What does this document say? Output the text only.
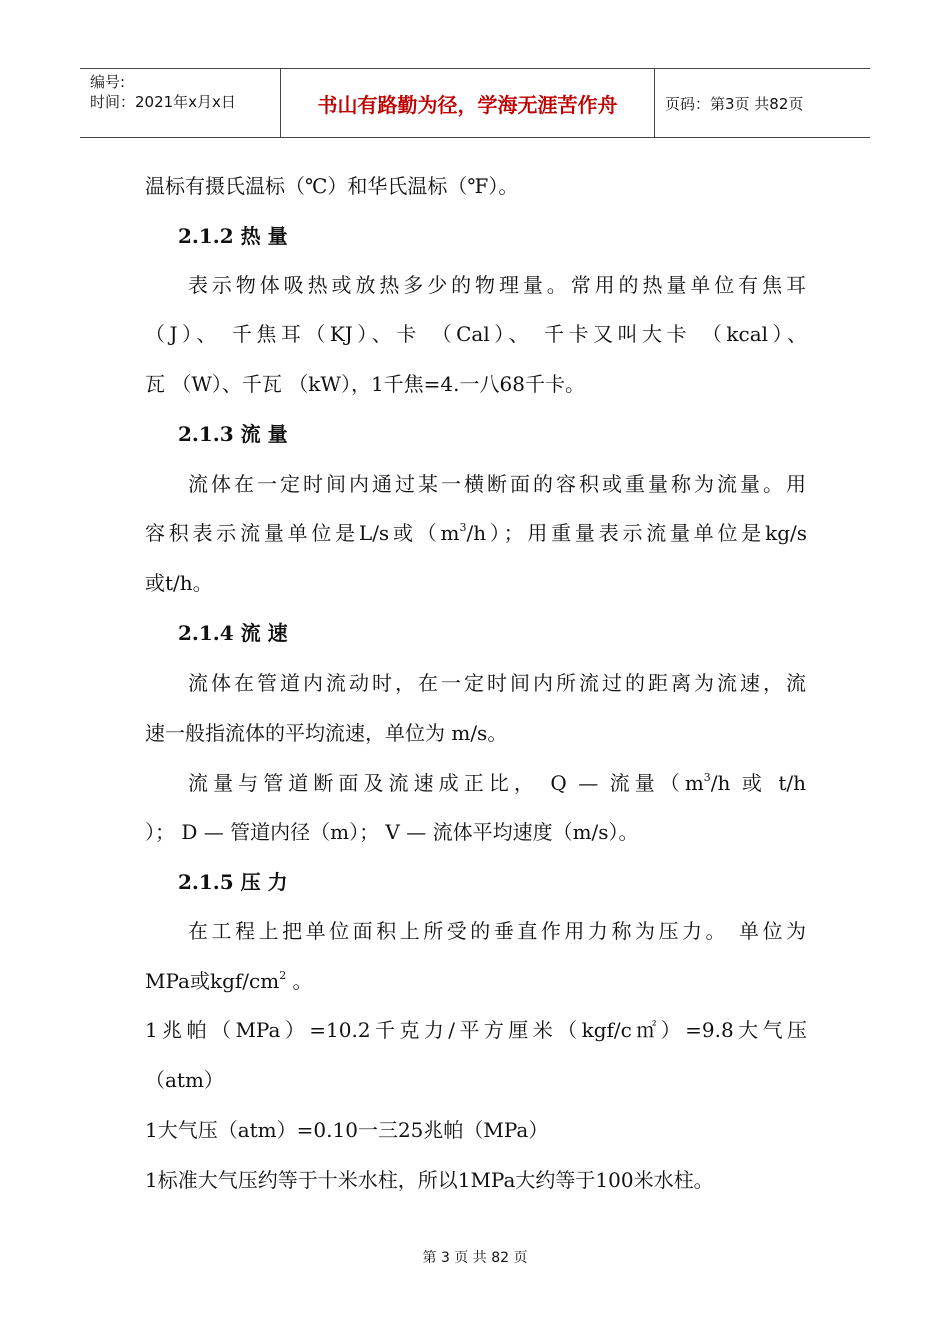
编号:
时间：2021年x月x日	书山有路勤为径，学海无涯苦作舟	页码：第3页 共82页
温标有摄氏温标（℃）和华氏温标（℉）。
2.1.2 热 量
表示物体吸热或放热多少的物理量。常用的热量单位有焦耳
（J）、 千焦耳（KJ）、卡 （Cal）、 千卡又叫大卡 （kcal）、
瓦 （W）、千瓦 （kW），1千焦=4.一八68千卡。
2.1.3 流 量
流体在一定时间内通过某一横断面的容积或重量称为流量。用
容积表示流量单位是L/s或$(m^3/h)$；用重量表示流量单位是kg/s
或t/h。
2.1.4 流 速
流体在管道内流动时，在一定时间内所流过的距离为流速，流
速一般指流体的平均流速，单位为 m/s。
流量与管道断面及流速成正比， Q — 流量（$m^3/h$ 或 t/h
）； D — 管道内径（m）； V — 流体平均速度（m/s）。
2.1.5 压 力
在工程上把单位面积上所受的垂直作用力称为压力。 单位为
MPa或kgf/$cm^2$ 。
1兆帕（MPa）=10.2千克力/平方厘米（kgf/c㎡）=9.8大气压
（atm）
1大气压（atm）=0.10一三25兆帕（MPa）
1标准大气压约等于十米水柱，所以1MPa大约等于100米水柱。
第 3 页 共 82 页
